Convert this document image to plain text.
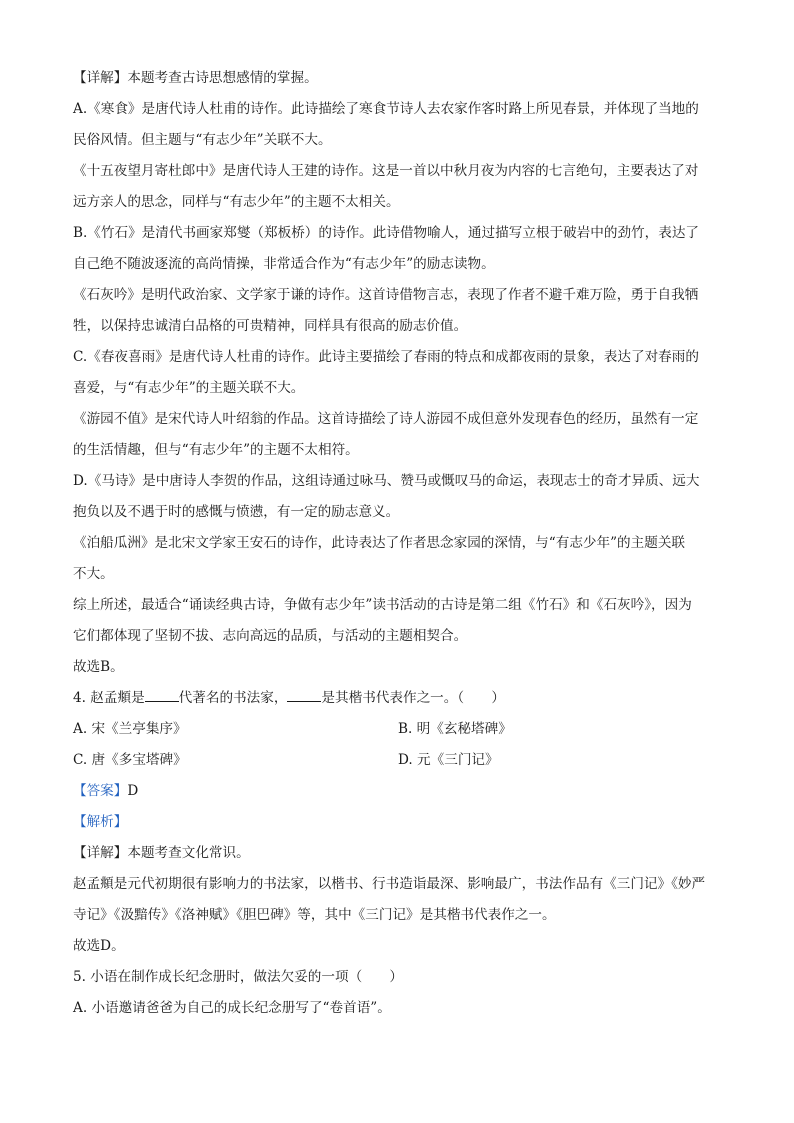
【详解】本题考查古诗思想感情的掌握。
A.《寒食》是唐代诗人杜甫的诗作。此诗描绘了寒食节诗人去农家作客时路上所见春景，并体现了当地的
民俗风情。但主题与“有志少年”关联不大。
《十五夜望月寄杜郎中》是唐代诗人王建的诗作。这是一首以中秋月夜为内容的七言绝句，主要表达了对
远方亲人的思念，同样与“有志少年”的主题不太相关。
B.《竹石》是清代书画家郑燮（郑板桥）的诗作。此诗借物喻人，通过描写立根于破岩中的劲竹，表达了
自己绝不随波逐流的高尚情操，非常适合作为“有志少年”的励志读物。
《石灰吟》是明代政治家、文学家于谦的诗作。这首诗借物言志，表现了作者不避千难万险，勇于自我牺
牲，以保持忠诚清白品格的可贵精神，同样具有很高的励志价值。
C.《春夜喜雨》是唐代诗人杜甫的诗作。此诗主要描绘了春雨的特点和成都夜雨的景象，表达了对春雨的
喜爱，与“有志少年”的主题关联不大。
《游园不值》是宋代诗人叶绍翁的作品。这首诗描绘了诗人游园不成但意外发现春色的经历，虽然有一定
的生活情趣，但与“有志少年”的主题不太相符。
D.《马诗》是中唐诗人李贺的作品，这组诗通过咏马、赞马或慨叹马的命运，表现志士的奇才异质、远大
抱负以及不遇于时的感慨与愤懑，有一定的励志意义。
《泊船瓜洲》是北宋文学家王安石的诗作，此诗表达了作者思念家园的深情，与“有志少年”的主题关联
不大。
综上所述，最适合“诵读经典古诗，争做有志少年”读书活动的古诗是第二组《竹石》和《石灰吟》，因为
它们都体现了坚韧不拔、志向高远的品质，与活动的主题相契合。
故选B。
4. 赵孟頫是	代著名的书法家，	是其楷书代表作之一。（　　）
A. 宋《兰亭集序》	B. 明《玄秘塔碑》
C. 唐《多宝塔碑》	D. 元《三门记》
【答案】D
【解析】
【详解】本题考查文化常识。
赵孟頫是元代初期很有影响力的书法家，以楷书、行书造诣最深、影响最广，书法作品有《三门记》《妙严
寺记》《汲黯传》《洛神赋》《胆巴碑》等，其中《三门记》是其楷书代表作之一。
故选D。
5. 小语在制作成长纪念册时，做法欠妥的一项（　　）
A. 小语邀请爸爸为自己的成长纪念册写了“卷首语”。
